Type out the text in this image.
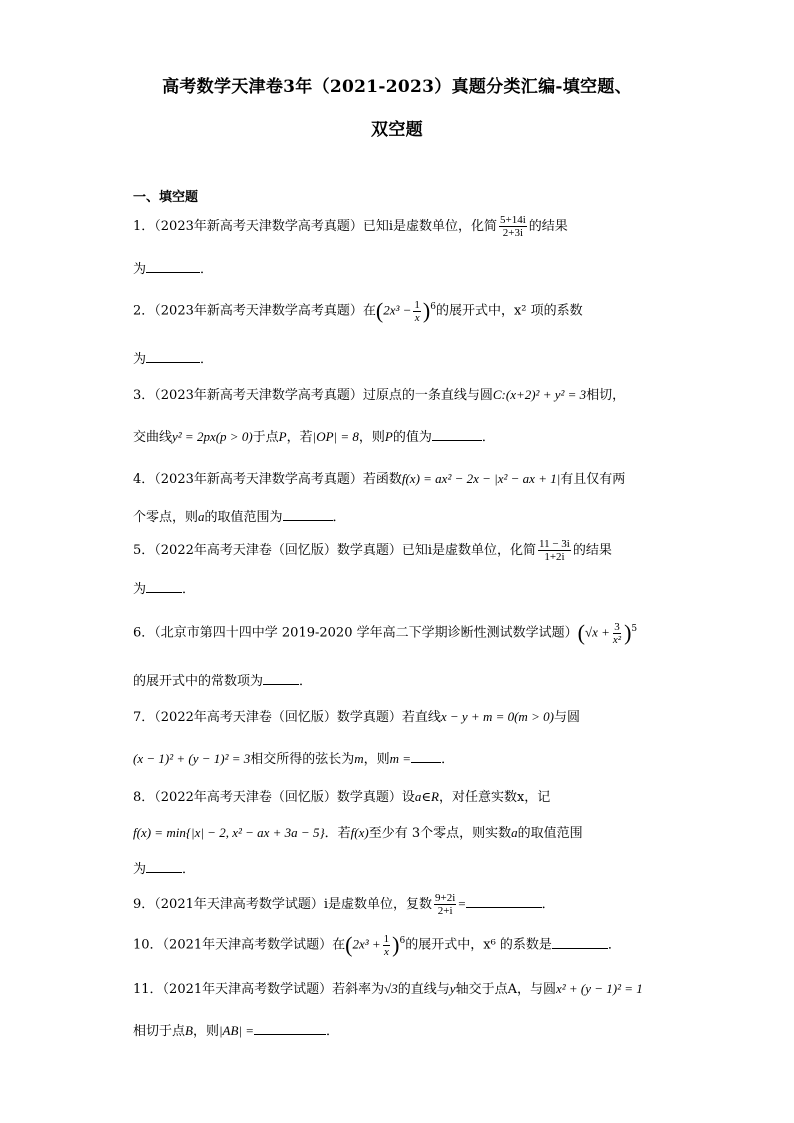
高考数学天津卷3年（2021-2023）真题分类汇编-填空题、
双空题
一、填空题
1．（2023年新高考天津数学高考真题）已知i是虚数单位，化简 $\frac{5+14i}{2+3i}$ 的结果
为	．
2．（2023年新高考天津数学高考真题）在$(2x^3 - \frac{1}{x} )^6$的展开式中，x² 项的系数
为	．
3．（2023年新高考天津数学高考真题）过原点的一条直线与圆C:(x+2)² + y² = 3相切，
交曲线y² = 2px(p > 0)于点P，若|OP| = 8，则P的值为	．
4．（2023年新高考天津数学高考真题）若函数f(x) = ax² − 2x − |x² − ax + 1|有且仅有两
个零点，则a的取值范围为	．
5．（2022年高考天津卷（回忆版）数学真题）已知i是虚数单位，化简 $\frac{11 - 3i}{1+2i}$ 的结果
为	．
6．（北京市第四十四中学 2019-2020 学年高二下学期诊断性测试数学试题）$(√x + \frac{3}{\text{x²}} )^5$
的展开式中的常数项为	．
7．（2022年高考天津卷（回忆版）数学真题）若直线x − y + m = 0(m > 0)与圆
(x − 1)² + (y − 1)² = 3相交所得的弦长为m，则m = ．
8．（2022年高考天津卷（回忆版）数学真题）设a∈R，对任意实数x，记
f(x) = min{|x| − 2, x² − ax + 3a − 5}．若f(x)至少有 3个零点，则实数a的取值范围
为	．
9．（2021年天津高考数学试题）i是虚数单位，复数 $\frac{9+2i}{2+i}$ =	．
10．（2021年天津高考数学试题）在$(2x^3 + \frac{1}{x} )^6$的展开式中，x⁶ 的系数是	．
11．（2021年天津高考数学试题）若斜率为√3的直线与y轴交于点A，与圆x² + (y − 1)² = 1
相切于点B，则|AB| =	．
